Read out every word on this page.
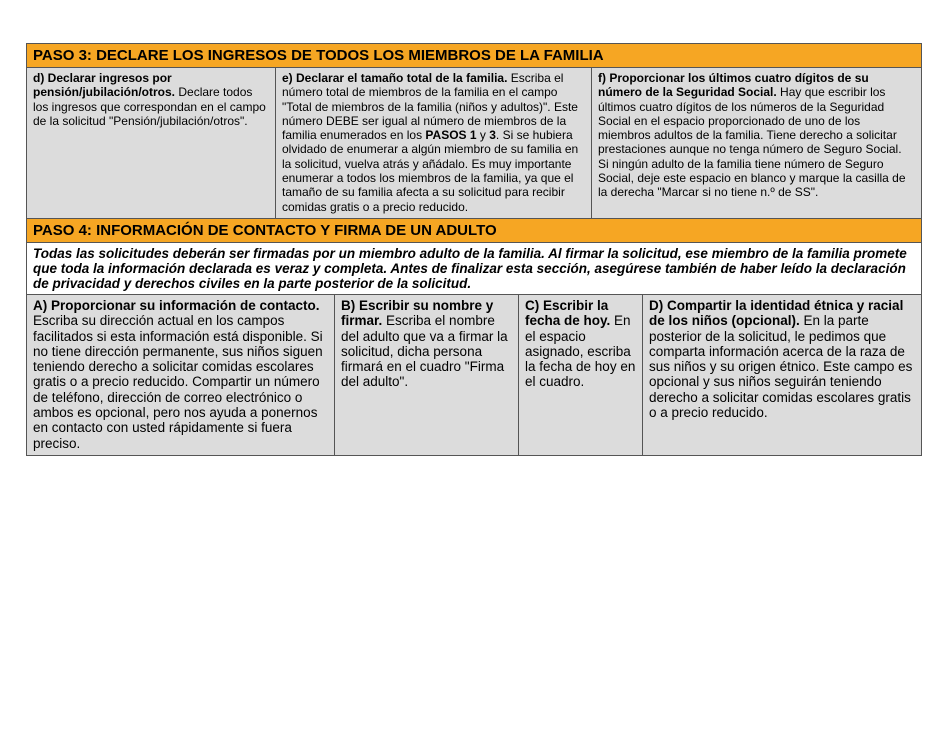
PASO 3: DECLARE LOS INGRESOS DE TODOS LOS MIEMBROS DE LA FAMILIA
d) Declarar ingresos por pensión/jubilación/otros. Declare todos los ingresos que correspondan en el campo de la solicitud "Pensión/jubilación/otros".
e) Declarar el tamaño total de la familia. Escriba el número total de miembros de la familia en el campo "Total de miembros de la familia (niños y adultos)". Este número DEBE ser igual al número de miembros de la familia enumerados en los PASOS 1 y 3. Si se hubiera olvidado de enumerar a algún miembro de su familia en la solicitud, vuelva atrás y añádalo. Es muy importante enumerar a todos los miembros de la familia, ya que el tamaño de su familia afecta a su solicitud para recibir comidas gratis o a precio reducido.
f) Proporcionar los últimos cuatro dígitos de su número de la Seguridad Social. Hay que escribir los últimos cuatro dígitos de los números de la Seguridad Social en el espacio proporcionado de uno de los miembros adultos de la familia. Tiene derecho a solicitar prestaciones aunque no tenga número de Seguro Social. Si ningún adulto de la familia tiene número de Seguro Social, deje este espacio en blanco y marque la casilla de la derecha "Marcar si no tiene n.º de SS".
PASO 4: INFORMACIÓN DE CONTACTO Y FIRMA DE UN ADULTO
Todas las solicitudes deberán ser firmadas por un miembro adulto de la familia. Al firmar la solicitud, ese miembro de la familia promete que toda la información declarada es veraz y completa. Antes de finalizar esta sección, asegúrese también de haber leído la declaración de privacidad y derechos civiles en la parte posterior de la solicitud.
A) Proporcionar su información de contacto. Escriba su dirección actual en los campos facilitados si esta información está disponible. Si no tiene dirección permanente, sus niños siguen teniendo derecho a solicitar comidas escolares gratis o a precio reducido. Compartir un número de teléfono, dirección de correo electrónico o ambos es opcional, pero nos ayuda a ponernos en contacto con usted rápidamente si fuera preciso.
B) Escribir su nombre y firmar. Escriba el nombre del adulto que va a firmar la solicitud, dicha persona firmará en el cuadro "Firma del adulto".
C) Escribir la fecha de hoy. En el espacio asignado, escriba la fecha de hoy en el cuadro.
D) Compartir la identidad étnica y racial de los niños (opcional). En la parte posterior de la solicitud, le pedimos que comparta información acerca de la raza de sus niños y su origen étnico. Este campo es opcional y sus niños seguirán teniendo derecho a solicitar comidas escolares gratis o a precio reducido.
